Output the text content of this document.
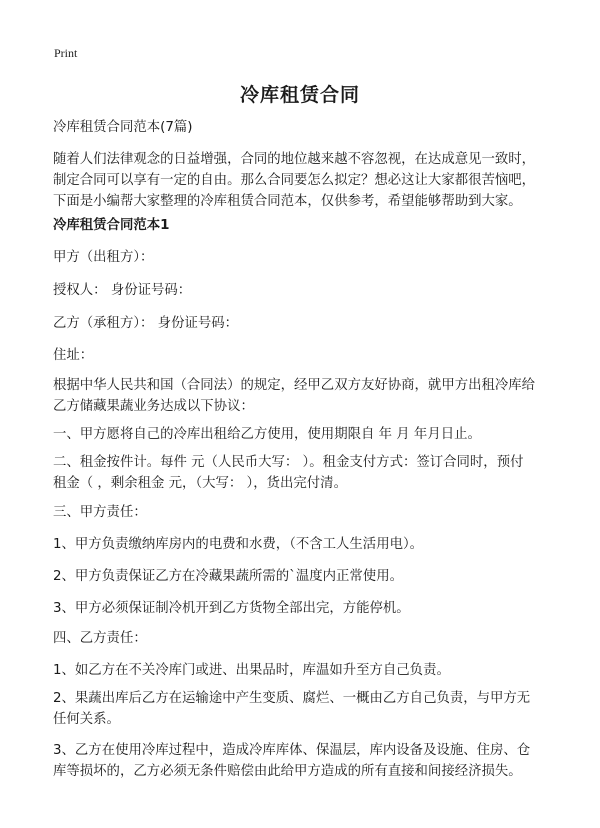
Print
冷库租赁合同

冷库租赁合同范本(7篇)

随着人们法律观念的日益增强，合同的地位越来越不容忽视，在达成意见一致时，
制定合同可以享有一定的自由。那么合同要怎么拟定？想必这让大家都很苦恼吧，
下面是小编帮大家整理的冷库租赁合同范本，仅供参考，希望能够帮助到大家。

冷库租赁合同范本1

甲方（出租方）：

授权人： 身份证号码：

乙方（承租方）： 身份证号码：

住址：

根据中华人民共和国（合同法）的规定，经甲乙双方友好协商，就甲方出租冷库给
乙方储藏果蔬业务达成以下协议：

一、甲方愿将自己的冷库出租给乙方使用，使用期限自 年 月 年月日止。

二、租金按件计。每件 元（人民币大写： ）。租金支付方式：签订合同时，预付
租金（ ，剩余租金 元，（大写： ），货出完付清。

三、甲方责任：

1、甲方负责缴纳库房内的电费和水费，（不含工人生活用电）。

2、甲方负责保证乙方在冷藏果蔬所需的`温度内正常使用。

3、甲方必须保证制冷机开到乙方货物全部出完，方能停机。

四、乙方责任：

1、如乙方在不关冷库门或进、出果品时，库温如升至方自己负责。

2、果蔬出库后乙方在运输途中产生变质、腐烂、一概由乙方自己负责，与甲方无
任何关系。

3、乙方在使用冷库过程中，造成冷库库体、保温层，库内设备及设施、住房、仓
库等损坏的，乙方必须无条件赔偿由此给甲方造成的所有直接和间接经济损失。
